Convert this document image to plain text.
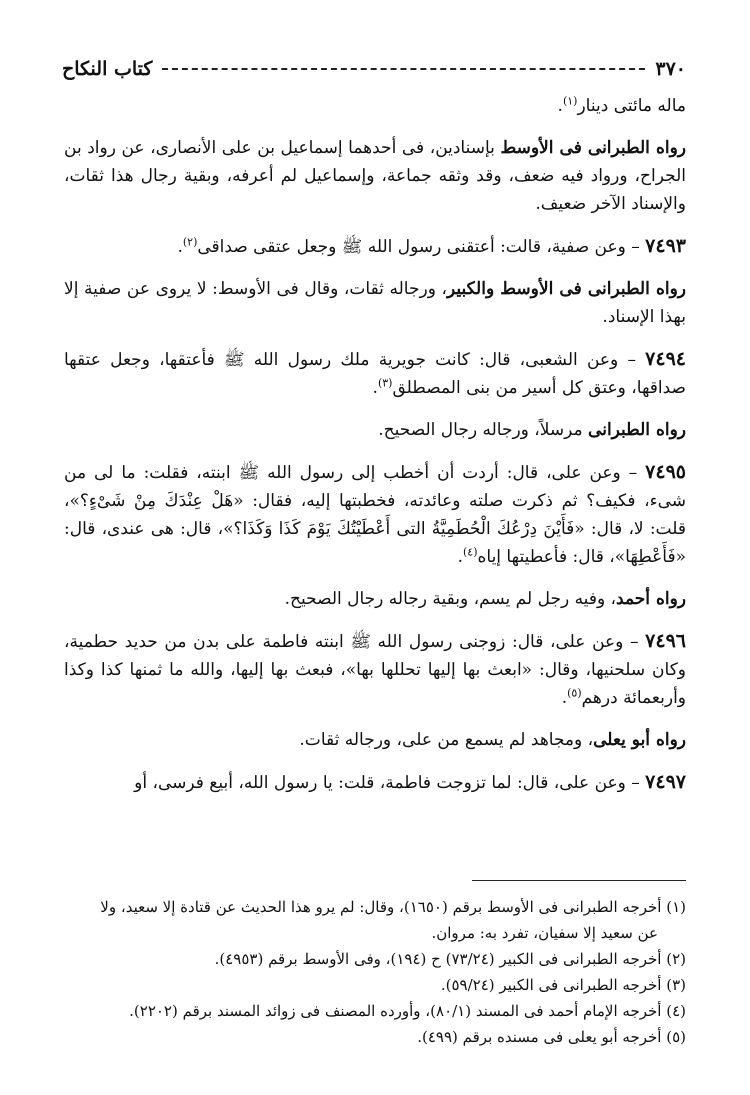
٣٧٠
كتاب النكاح

ماله مائتى دينار$^{(١)}$.

رواه الطبرانى فى الأوسط بإسنادين، فى أحدهما إسماعيل بن على الأنصارى، عن رواد بن الجراح، ورواد فيه ضعف، وقد وثقه جماعة، وإسماعيل لم أعرفه، وبقية رجال هذا ثقات، والإسناد الآخر ضعيف.

٧٤٩٣ – وعن صفية، قالت: أعتقنى رسول الله ﷺ وجعل عتقى صداقى$^{(٢)}$.

رواه الطبرانى فى الأوسط والكبير، ورجاله ثقات، وقال فى الأوسط: لا يروى عن صفية إلا بهذا الإسناد.

٧٤٩٤ – وعن الشعبى، قال: كانت جويرية ملك رسول الله ﷺ فأعتقها، وجعل عتقها صداقها، وعتق كل أسير من بنى المصطلق$^{(٣)}$.

رواه الطبرانى مرسلاً، ورجاله رجال الصحيح.

٧٤٩٥ – وعن على، قال: أردت أن أخطب إلى رسول الله ﷺ ابنته، فقلت: ما لى من شىء، فكيف؟ ثم ذكرت صلته وعائدته، فخطبتها إليه، فقال: «هَلْ عِنْدَكَ مِنْ شَىْءٍ؟»، قلت: لا، قال: «فَأَيْنَ دِرْعُكَ الْحُطَمِيَّةُ التى أَعْطَيْتُكَ يَوْمَ كَذَا وَكَذَا؟»، قال: هى عندى، قال: «فَأَعْطِهَا»، قال: فأعطيتها إياه$^{(٤)}$.

رواه أحمد، وفيه رجل لم يسم، وبقية رجاله رجال الصحيح.

٧٤٩٦ – وعن على، قال: زوجنى رسول الله ﷺ ابنته فاطمة على بدن من حديد حطمية، وكان سلحنيها، وقال: «ابعث بها إليها تحللها بها»، فبعث بها إليها، والله ما ثمنها كذا وكذا وأربعمائة درهم$^{(٥)}$.

رواه أبو يعلى، ومجاهد لم يسمع من على، ورجاله ثقات.

٧٤٩٧ – وعن على، قال: لما تزوجت فاطمة، قلت: يا رسول الله، أبيع فرسى، أو

(١) أخرجه الطبرانى فى الأوسط برقم (١٦٥٠)، وقال: لم يرو هذا الحديث عن قتادة إلا سعيد، ولا
عن سعيد إلا سفيان، تفرد به: مروان.

(٢) أخرجه الطبرانى فى الكبير (٧٣/٢٤) ح (١٩٤)، وفى الأوسط برقم (٤٩٥٣).

(٣) أخرجه الطبرانى فى الكبير (٥٩/٢٤).

(٤) أخرجه الإمام أحمد فى المسند (٨٠/١)، وأورده المصنف فى زوائد المسند برقم (٢٢٠٢).

(٥) أخرجه أبو يعلى فى مسنده برقم (٤٩٩).
